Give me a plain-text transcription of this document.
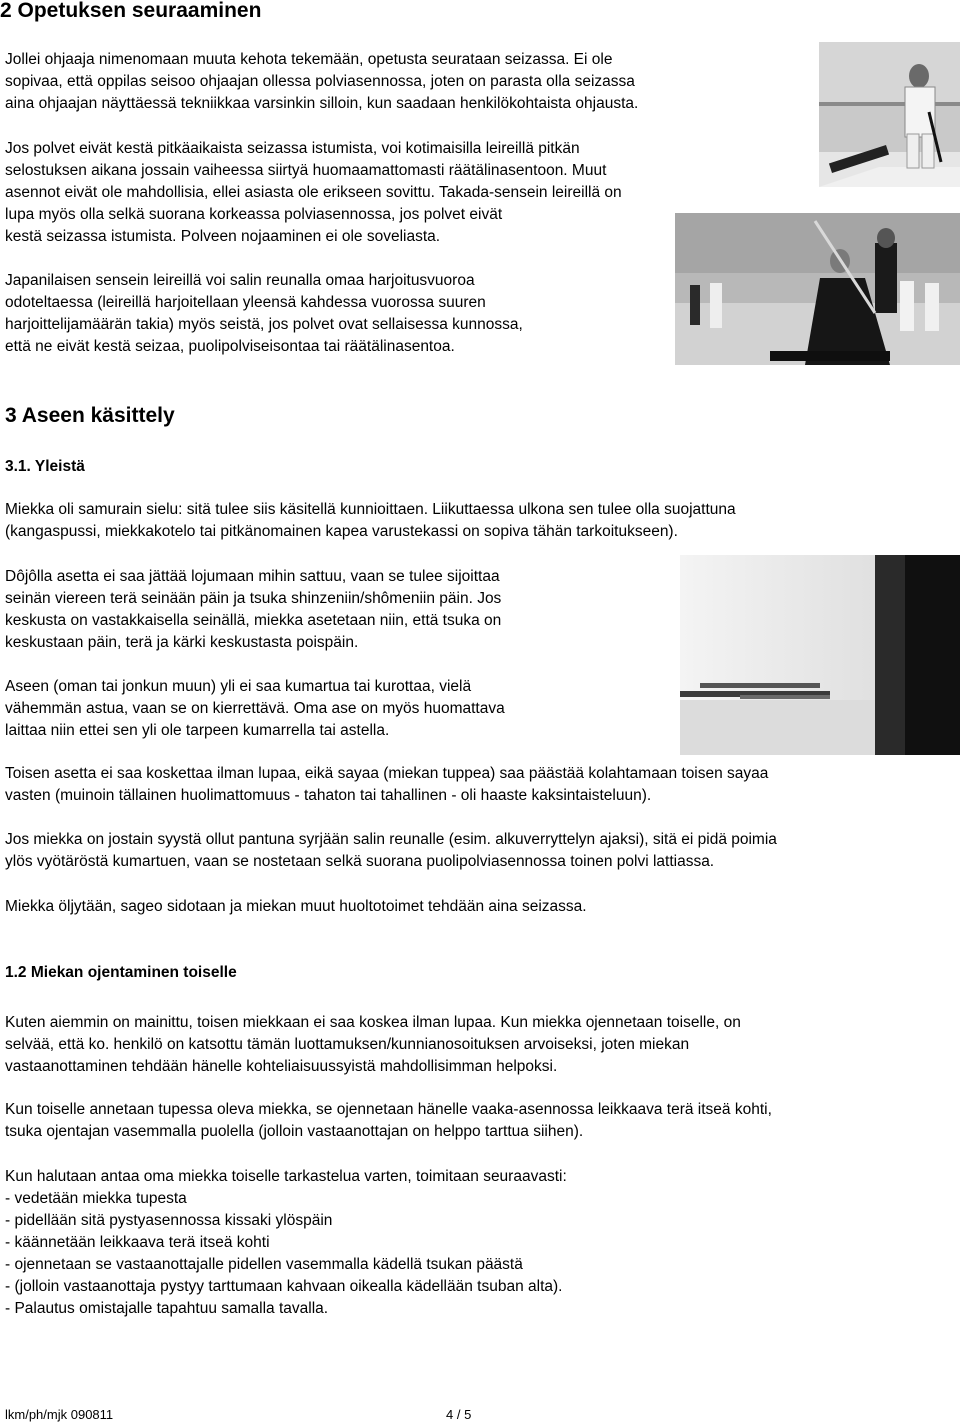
2 Opetuksen seuraaminen
Jollei ohjaaja nimenomaan muuta kehota tekemään, opetusta seurataan seizassa. Ei ole
sopivaa, että oppilas seisoo ohjaajan ollessa polviasennossa, joten on parasta olla seizassa
aina ohjaajan näyttäessä tekniikkaa varsinkin silloin, kun saadaan henkilökohtaista ohjausta.
Jos polvet eivät kestä pitkäaikaista seizassa istumista, voi kotimaisilla leireillä pitkän
selostuksen aikana jossain vaiheessa siirtyä huomaamattomasti räätälinasentoon. Muut
asennot eivät ole mahdollisia, ellei asiasta ole erikseen sovittu. Takada-sensein leireillä on
lupa myös olla selkä suorana korkeassa polviasennossa, jos polvet eivät
kestä seizassa istumista. Polveen nojaaminen ei ole soveliasta.
Japanilaisen sensein leireillä voi salin reunalla omaa harjoitusvuoroa
odoteltaessa (leireillä harjoitellaan yleensä kahdessa vuorossa suuren
harjoittelijamäärän takia) myös seistä, jos polvet ovat sellaisessa kunnossa,
että ne eivät kestä seizaa, puolipolviseisontaa tai räätälinasentoa.
3 Aseen käsittely
3.1. Yleistä
Miekka oli samurain sielu: sitä tulee siis käsitellä kunnioittaen. Liikuttaessa ulkona sen tulee olla suojattuna
(kangaspussi, miekkakotelo tai pitkänomainen kapea varustekassi on sopiva tähän tarkoitukseen).
Dôjôlla asetta ei saa jättää lojumaan mihin sattuu, vaan se tulee sijoittaa
seinän viereen terä seinään päin ja tsuka shinzeniin/shômeniin päin. Jos
keskusta on vastakkaisella seinällä, miekka asetetaan niin, että tsuka on
keskustaan päin, terä ja kärki keskustasta poispäin.
Aseen (oman tai jonkun muun) yli ei saa kumartua tai kurottaa, vielä
vähemmän astua, vaan se on kierrettävä. Oma ase on myös huomattava
laittaa niin ettei sen yli ole tarpeen kumarrella tai astella.
Toisen asetta ei saa koskettaa ilman lupaa, eikä sayaa (miekan tuppea) saa päästää kolahtamaan toisen sayaa
vasten (muinoin tällainen huolimattomuus - tahaton tai tahallinen - oli haaste kaksintaisteluun).
Jos miekka on jostain syystä ollut pantuna syrjään salin reunalle (esim. alkuverryttelyn ajaksi), sitä ei pidä poimia
ylös vyötäröstä kumartuen, vaan se nostetaan selkä suorana puolipolviasennossa toinen polvi lattiassa.
Miekka öljytään, sageo sidotaan ja miekan muut huoltotoimet tehdään aina seizassa.
1.2 Miekan ojentaminen toiselle
Kuten aiemmin on mainittu, toisen miekkaan ei saa koskea ilman lupaa. Kun miekka ojennetaan toiselle, on
selvää, että ko. henkilö on katsottu tämän luottamuksen/kunnianosoituksen arvoiseksi, joten miekan
vastaanottaminen tehdään hänelle kohteliaisuussyistä mahdollisimman helpoksi.
Kun toiselle annetaan tupessa oleva miekka, se ojennetaan hänelle vaaka-asennossa leikkaava terä itseä kohti,
tsuka ojentajan vasemmalla puolella (jolloin vastaanottajan on helppo tarttua siihen).
Kun halutaan antaa oma miekka toiselle tarkastelua varten, toimitaan seuraavasti:
- vedetään miekka tupesta
- pidellään sitä pystyasennossa kissaki ylöspäin
- käännetään leikkaava terä itseä kohti
- ojennetaan se vastaanottajalle pidellen vasemmalla kädellä tsukan päästä
- (jolloin vastaanottaja pystyy tarttumaan kahvaan oikealla kädellään tsuban alta).
- Palautus omistajalle tapahtuu samalla tavalla.
lkm/ph/mjk 090811	4 / 5
